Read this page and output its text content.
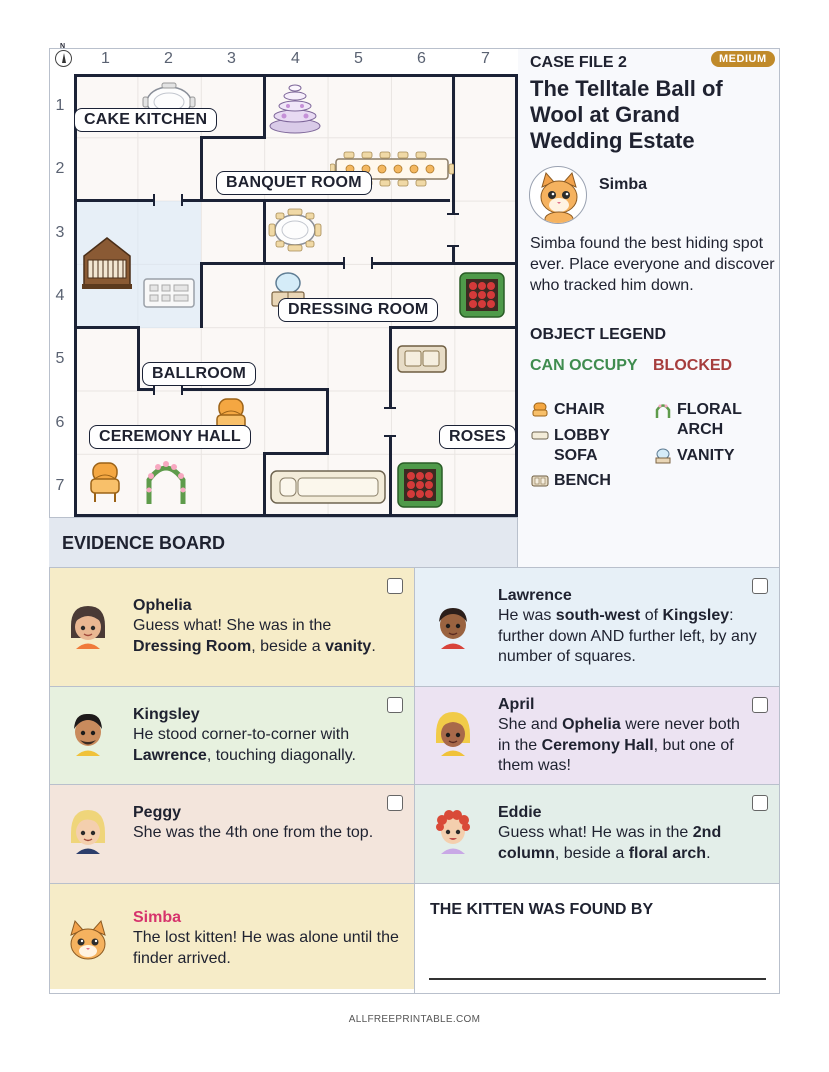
N
1	2	3	4	5	6	7
1
2
3
4
5
6
7
CAKE KITCHEN
BANQUET ROOM
DRESSING ROOM
BALLROOM
CEREMONY HALL	ROSES
MEDIUM
CASE FILE 2
The Telltale Ball of Wool at Grand Wedding Estate
Simba
Simba found the best hiding spot ever. Place everyone and discover who tracked him down.
OBJECT LEGEND
CAN OCCUPY BLOCKED
CHAIR	FLORAL ARCH
LOBBY SOFA	VANITY
BENCH
EVIDENCE BOARD
Ophelia
Guess what! She was in the Dressing Room, beside a vanity.
Lawrence
He was south-west of Kingsley: further down AND further left, by any number of squares.
Kingsley
He stood corner-to-corner with Lawrence, touching diagonally.
April
She and Ophelia were never both in the Ceremony Hall, but one of them was!
Peggy
She was the 4th one from the top.
Eddie
Guess what! He was in the 2nd column, beside a floral arch.
Simba
The lost kitten! He was alone until the finder arrived.
THE KITTEN WAS FOUND BY
ALLFREEPRINTABLE.COM
